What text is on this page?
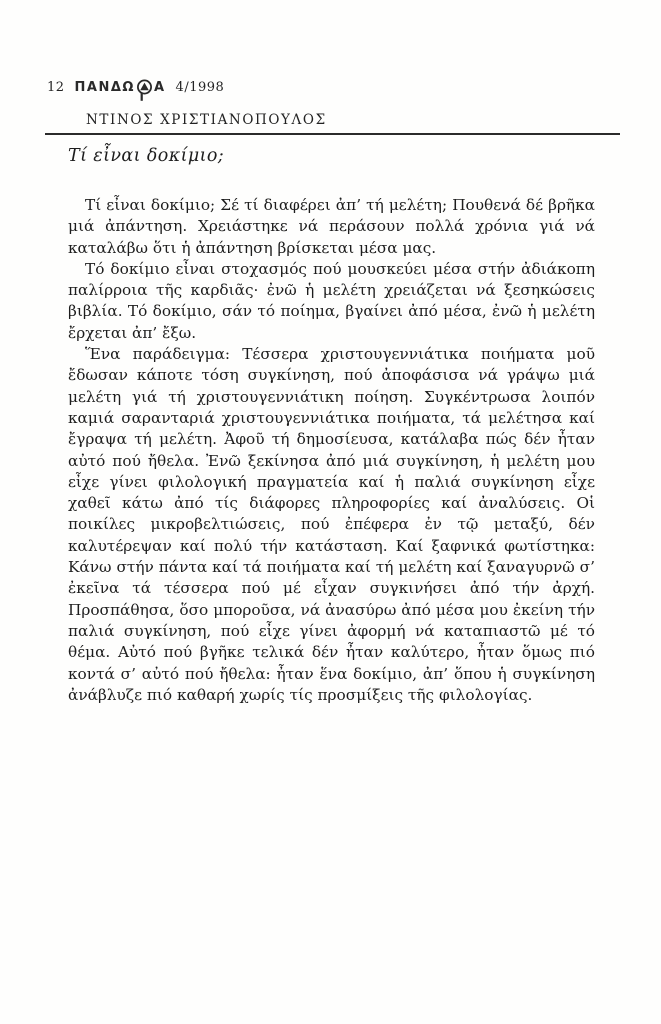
12 ΠΑΝΔΩ Α 4/1998
ΝΤΙΝΟΣ ΧΡΙΣΤΙΑΝΟΠΟΥΛΟΣ
Τί εἶναι δοκίμιο;

Τί εἶναι δοκίμιο; Σέ τί διαφέρει ἀπ’ τή μελέτη; Πουθενά δέ βρῆκα μιά ἀπάντηση. Χρειάστηκε νά περάσουν πολλά χρόνια γιά νά καταλάβω ὅτι ἡ ἀπάντηση βρίσκεται μέσα μας.

Τό δοκίμιο εἶναι στοχασμός πού μουσκεύει μέσα στήν ἀδιάκοπη παλίρροια τῆς καρδιᾶς· ἐνῶ ἡ μελέτη χρειάζεται νά ξεσηκώσεις βιβλία. Τό δοκίμιο, σάν τό ποίημα, βγαίνει ἀπό μέσα, ἐνῶ ἡ μελέτη ἔρχεται ἀπ’ ἔξω.

Ἕνα παράδειγμα: Τέσσερα χριστουγεννιάτικα ποιήματα μοῦ ἔδωσαν κάποτε τόση συγκίνηση, πού ἀποφάσισα νά γράψω μιά μελέτη γιά τή χριστουγεννιάτικη ποίηση. Συγκέντρωσα λοιπόν καμιά σαρανταριά χριστουγεννιάτικα ποιήματα, τά μελέτησα καί ἔγραψα τή μελέτη. Ἀφοῦ τή δημοσίευσα, κατάλαβα πώς δέν ἦταν αὐτό πού ἤθελα. Ἐνῶ ξεκίνησα ἀπό μιά συγκίνηση, ἡ μελέτη μου εἶχε γίνει φιλολογική πραγματεία καί ἡ παλιά συγκίνηση εἶχε χαθεῖ κάτω ἀπό τίς διάφορες πληροφορίες καί ἀναλύσεις. Οἱ ποικίλες μικροβελτιώσεις, πού ἐπέφερα ἐν τῷ μεταξύ, δέν καλυτέρεψαν καί πολύ τήν κατάσταση. Καί ξαφνικά φωτίστηκα: Κάνω στήν πάντα καί τά ποιήματα καί τή μελέτη καί ξαναγυρνῶ σ’ ἐκεῖνα τά τέσσερα πού μέ εἶχαν συγκινήσει ἀπό τήν ἀρχή. Προσπάθησα, ὅσο μποροῦσα, νά ἀνασύρω ἀπό μέσα μου ἐκείνη τήν παλιά συγκίνηση, πού εἶχε γίνει ἀφορμή νά καταπιαστῶ μέ τό θέμα. Αὐτό πού βγῆκε τελικά δέν ἦταν καλύτερο, ἦταν ὅμως πιό κοντά σ’ αὐτό πού ἤθελα: ἦταν ἕνα δοκίμιο, ἀπ’ ὅπου ἡ συγκίνηση ἀνάβλυζε πιό καθαρή χωρίς τίς προσμίξεις τῆς φιλολογίας.
